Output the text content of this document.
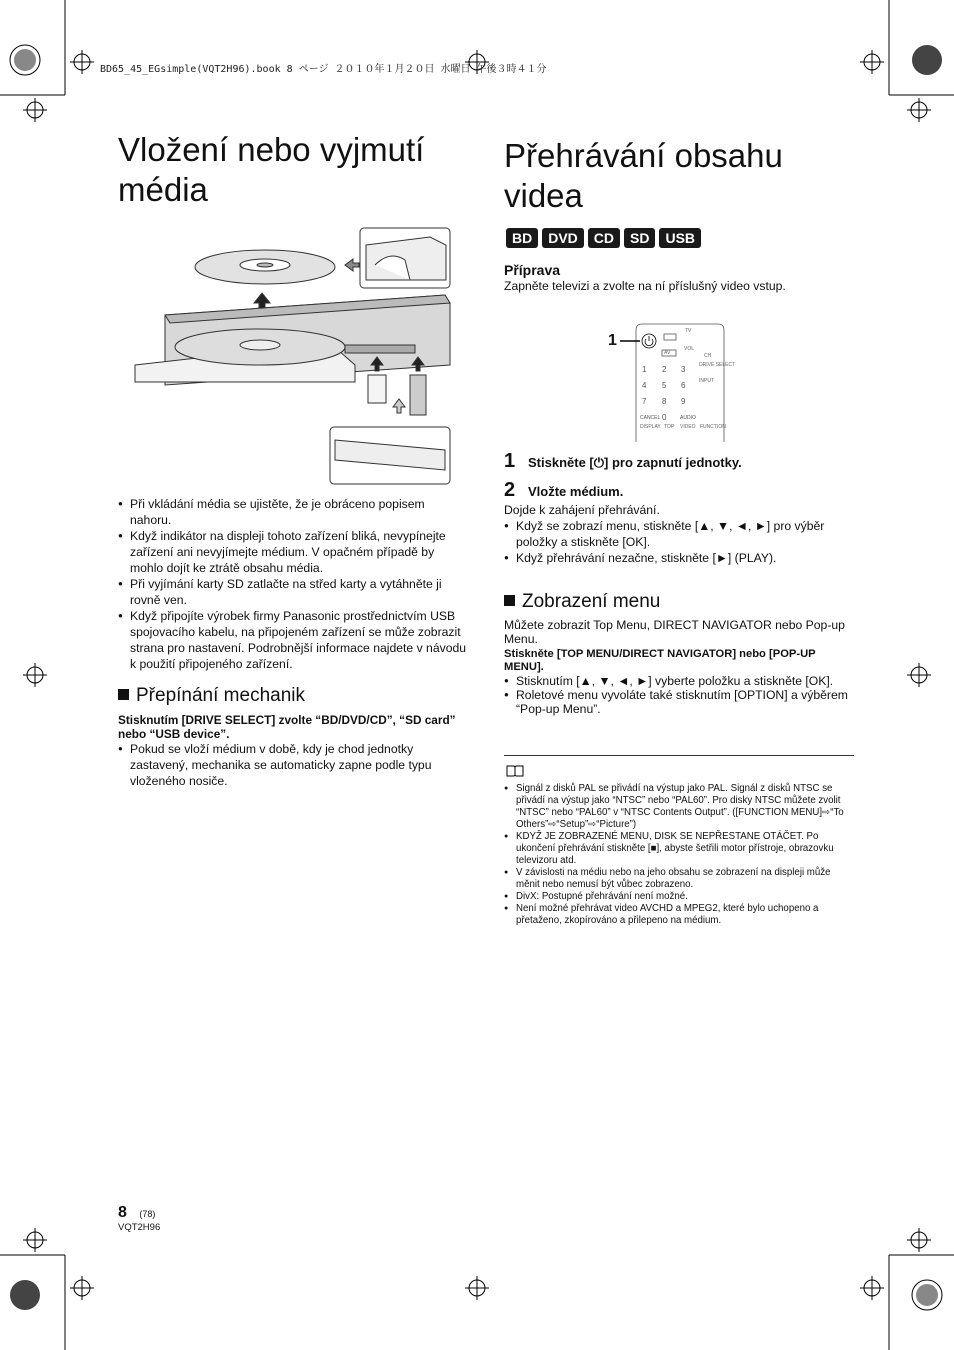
BD65_45_EGsimple(VQT2H96).book 8 ページ ２０１０年１月２０日 水曜日 午後３時４１分
Vložení nebo vyjmutí
média
● Při vkládání média se ujistěte, že je obráceno popisem nahoru.
● Když indikátor na displeji tohoto zařízení bliká, nevypínejte zařízení ani nevyjímejte médium. V opačném případě by mohlo dojít ke ztrátě obsahu média.
● Při vyjímání karty SD zatlačte na střed karty a vytáhněte ji rovně ven.
● Když připojíte výrobek firmy Panasonic prostřednictvím USB spojovacího kabelu, na připojeném zařízení se může zobrazit strana pro nastavení. Podrobnější informace najdete v návodu k použití připojeného zařízení.
Přepínání mechanik
Stisknutím [DRIVE SELECT] zvolte “BD/DVD/CD”, “SD card” nebo “USB device”.
● Pokud se vloží médium v době, kdy je chod jednotky zastavený, mechanika se automaticky zapne podle typu vloženého nosiče.
Přehrávání obsahu
videa
BD	DVD	CD	SD	USB
Příprava
Zapněte televizi a zvolte na ní příslušný video vstup.
1
TV
CH
VOL
AV
DRIVE SELECT
INPUT
DISPLAY TOP VIDEO FUNCTION
1 2 3
4 5 6
7 8 9
CANCEL 0	AUDIO
1 Stiskněte [⏻] pro zapnutí jednotky.
2 Vložte médium.
Dojde k zahájení přehrávání.
● Když se zobrazí menu, stiskněte [▲, ▼, ◄, ►] pro výběr položky a stiskněte [OK].
● Když přehrávání nezačne, stiskněte [►] (PLAY).
Zobrazení menu
Můžete zobrazit Top Menu, DIRECT NAVIGATOR nebo Pop-up Menu.
Stiskněte [TOP MENU/DIRECT NAVIGATOR] nebo [POP-UP MENU].
● Stisknutím [▲, ▼, ◄, ►] vyberte položku a stiskněte [OK].
● Roletové menu vyvoláte také stisknutím [OPTION] a výběrem “Pop-up Menu”.
● Signál z disků PAL se přivádí na výstup jako PAL. Signál z disků NTSC se přivádí na výstup jako “NTSC” nebo “PAL60”. Pro disky NTSC můžete zvolit “NTSC” nebo “PAL60” v “NTSC Contents Output”. ([FUNCTION MENU]⇨“To Others”⇨“Setup”⇨“Picture”)
● KDYŽ JE ZOBRAZENÉ MENU, DISK SE NEPŘESTANE OTÁČET. Po ukončení přehrávání stiskněte [■], abyste šetřili motor přístroje, obrazovku televizoru atd.
● V závislosti na médiu nebo na jeho obsahu se zobrazení na displeji může měnit nebo nemusí být vůbec zobrazeno.
● DivX: Postupné přehrávání není možné.
● Není možné přehrávat video AVCHD a MPEG2, které bylo uchopeno a přetaženo, zkopírováno a přilepeno na médium.
8 (78)
VQT2H96
